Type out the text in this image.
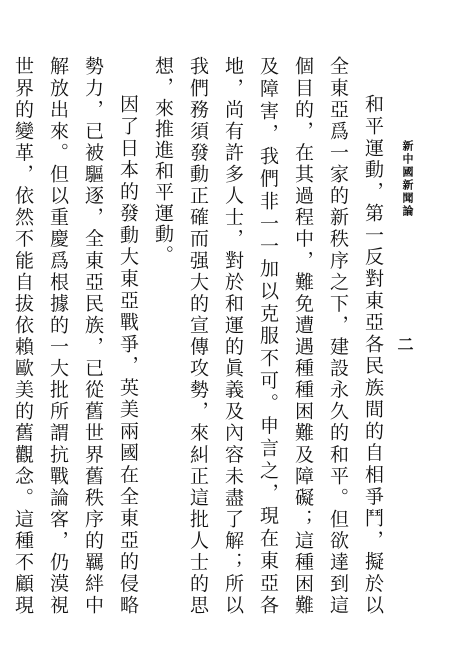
新中國新聞論
二

和平運動，第一反對東亞各民族間的自相爭鬥，擬於以全東亞爲一家的新秩序之下，建設永久的和平。但欲達到這個目的，在其過程中，難免遭遇種種困難及障礙；這種困難及障害，我們非一一加以克服不可。申言之，現在東亞各地，尚有許多人士，對於和運的眞義及內容未盡了解；所以我們務須發動正確而强大的宣傳攻勢，來糾正這批人士的思想，來推進和平運動。

因了日本的發動大東亞戰爭，英美兩國在全東亞的侵略勢力，已被驅逐，全東亞民族，已從舊世界舊秩序的羈絆中解放出來。但以重慶爲根據的一大批所謂抗戰論客，仍漠視世界的變革，依然不能自拔依賴歐美的舊觀念。這種不顧現
